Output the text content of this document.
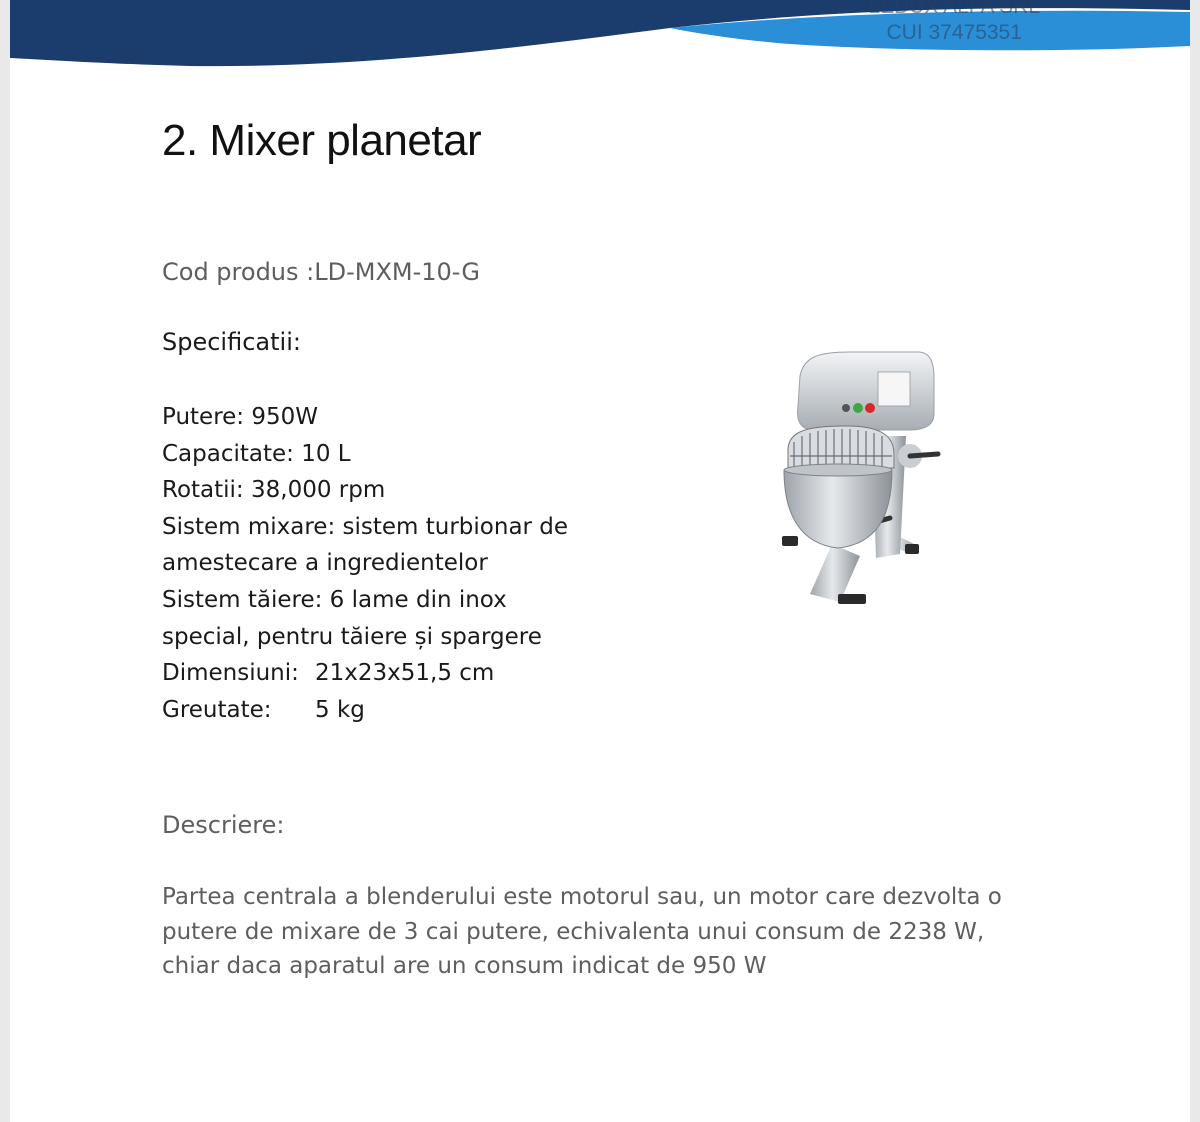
LEDUX ALFA SRL
CUI 37475351
2. Mixer planetar
Cod produs :LD-MXM-10-G
Specificatii:
Putere: 950W
Capacitate: 10 L
Rotatii: 38,000 rpm
Sistem mixare: sistem turbionar de
amestecare a ingredientelor
Sistem tăiere: 6 lame din inox
special, pentru tăiere și spargere
Dimensiuni: 21x23x51,5 cm
Greutate:	5 kg
Descriere:
Partea centrala a blenderului este motorul sau, un motor care dezvolta o putere de mixare de 3 cai putere, echivalenta unui consum de 2238 W, chiar daca aparatul are un consum indicat de 950 W
